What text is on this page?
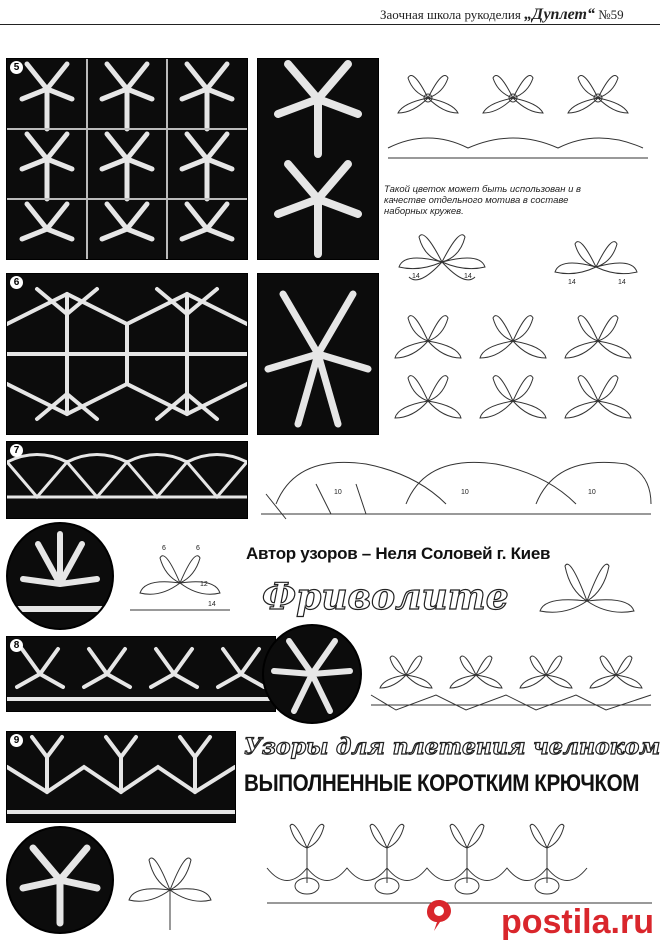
Заочная школа рукоделия „Дуплет“ №59
5
6
7
8
9
Такой цветок может быть использован и в качестве отдельного мотива в составе наборных кружев.
14	14
14	14
10	10	10
6	6
12
14
Автор узоров – Неля Соловей г. Киев
Фриволите
Узоры для плетения челноком
ВЫПОЛНЕННЫЕ КОРОТКИМ КРЮЧКОМ
postila.ru
